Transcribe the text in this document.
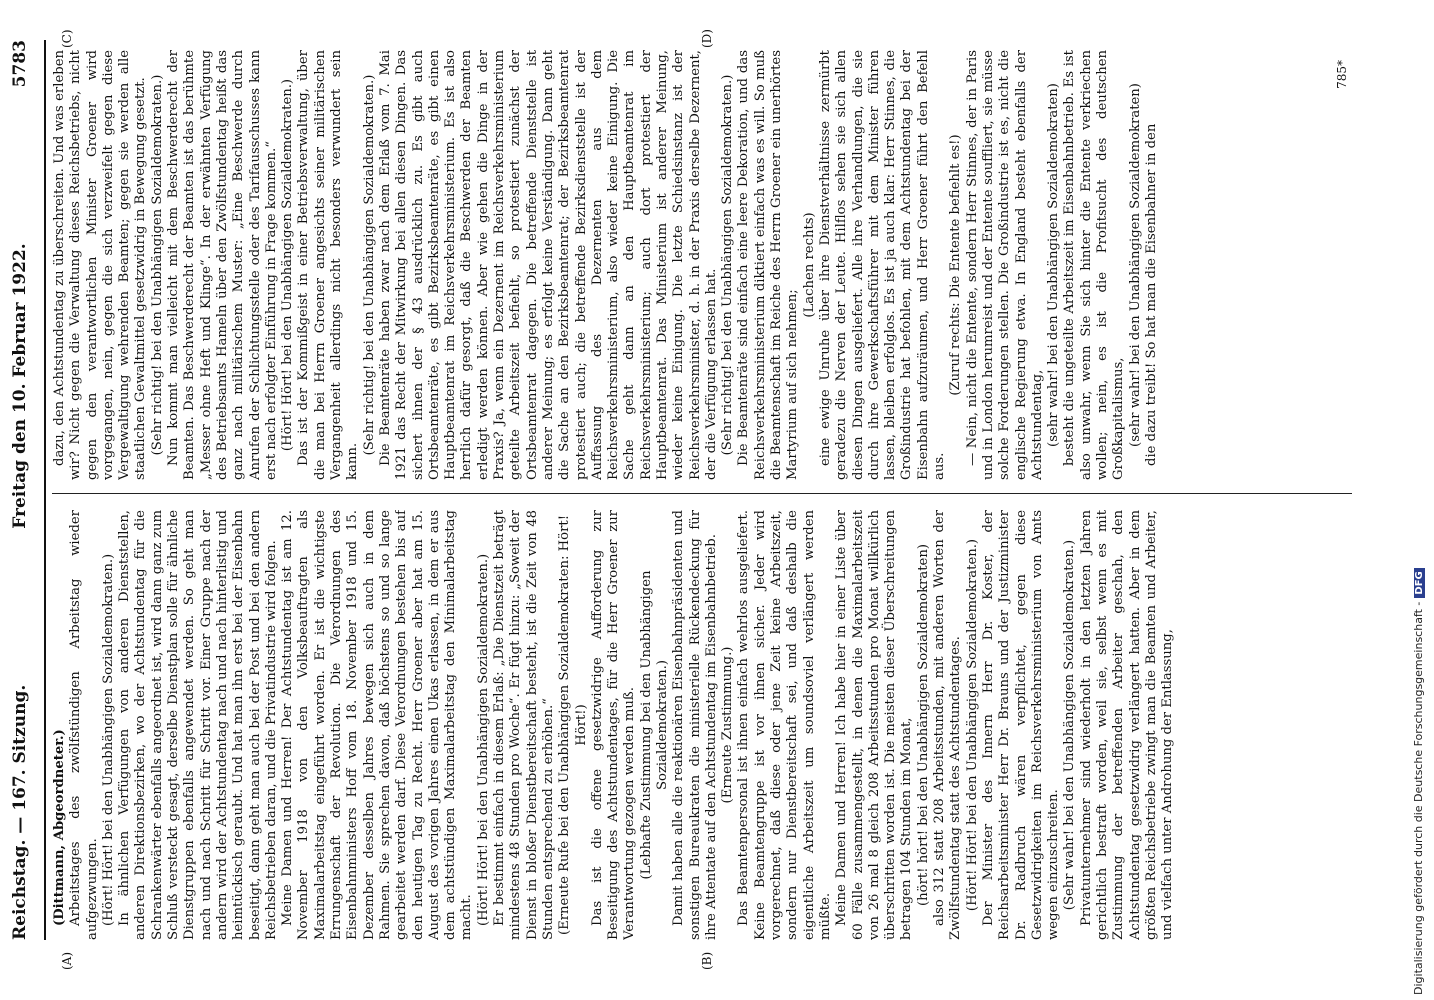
Reichstag. — 167. Sitzung.
Freitag den 10. Februar 1922.
5783
(A)	(B)
(C)	(D)

(Dittmann, Abgeordneter.) Arbeitstages des zwölfstündigen Arbeitstag wieder aufgezwungen. (Hört! Hört! bei den Unabhängigen Sozialdemokraten.) In ähnlichen Verfügungen von anderen Dienststellen, anderen Direktionsbezirken, wo der Achtstundentag für die Schrankenwärter ebenfalls angeordnet ist, wird dann ganz zum Schluß versteckt gesagt, derselbe Dienstplan solle für ähnliche Dienstgruppen ebenfalls angewendet werden. So geht man nach und nach Schritt für Schritt vor. Einer Gruppe nach der andern wird der Achtstundentag nach und nach hinterlistig und heimtückisch geraubt. Und hat man ihn erst bei der Eisenbahn beseitigt, dann geht man auch bei der Post und bei den andern Reichsbetrieben daran, und die Privatindustrie wird folgen. Meine Damen und Herren! Der Achtstundentag ist am 12. November 1918 von den Volksbeauftragten als Maximalarbeitstag eingeführt worden. Er ist die wichtigste Errungenschaft der Revolution. Die Verordnungen des Eisenbahnministers Hoff vom 18. November 1918 und 15. Dezember desselben Jahres bewegen sich auch in dem Rahmen. Sie sprechen davon, daß höchstens so und so lange gearbeitet werden darf. Diese Verordnungen bestehen bis auf den heutigen Tag zu Recht. Herr Groener aber hat am 15. August des vorigen Jahres einen Ukas erlassen, in dem er aus dem achtstündigen Maximalarbeitstag den Minimalarbeitstag macht. (Hört! Hört! bei den Unabhängigen Sozialdemokraten.) Er bestimmt einfach in diesem Erlaß: „Die Dienstzeit beträgt mindestens 48 Stunden pro Woche“. Er fügt hinzu: „Soweit der Dienst in bloßer Dienstbereitschaft besteht, ist die Zeit von 48 Stunden entsprechend zu erhöhen.“ (Erneute Rufe bei den Unabhängigen Sozialdemokraten: Hört! Hört!) Das ist die offene gesetzwidrige Aufforderung zur Beseitigung des Achtstundentages, für die Herr Groener zur Verantwortung gezogen werden muß. (Lebhafte Zustimmung bei den Unabhängigen Sozialdemokraten.) Damit haben alle die reaktionären Eisenbahnpräsidenten und sonstigen Bureaukraten die ministerielle Rückendeckung für ihre Attentate auf den Achtstundentag im Eisenbahnbetrieb. (Erneute Zustimmung.) Das Beamtenpersonal ist ihnen einfach wehrlos ausgeliefert. Keine Beamtengruppe ist vor ihnen sicher. Jeder wird vorgerechnet, daß diese oder jene Zeit keine Arbeitszeit, sondern nur Dienstbereitschaft sei, und daß deshalb die eigentliche Arbeitszeit um soundsoviel verlängert werden müßte. Meine Damen und Herren! Ich habe hier in einer Liste über 60 Fälle zusammengestellt, in denen die Maximalarbeitszeit von 26 mal 8 gleich 208 Arbeitsstunden pro Monat willkürlich überschritten worden ist. Die meisten dieser Überschreitungen betragen 104 Stunden im Monat, (hört! hört! bei den Unabhängigen Sozialdemokraten) also 312 statt 208 Arbeitsstunden, mit anderen Worten der Zwölfstundentag statt des Achtstundentages. (Hört! Hört! bei den Unabhängigen Sozialdemokraten.) Der Minister des Innern Herr Dr. Koster, der Reichsarbeitsminister Herr Dr. Brauns und der Justizminister Dr. Radbruch wären verpflichtet, gegen diese Gesetzwidrigkeiten im Reichsverkehrsministerium von Amts wegen einzuschreiten. (Sehr wahr! bei den Unabhängigen Sozialdemokraten.) Privatunternehmer sind wiederholt in den letzten Jahren gerichtlich bestraft worden, weil sie, selbst wenn es mit Zustimmung der betreffenden Arbeiter geschah, den Achtstundentag gesetzwidrig verlängert hatten. Aber in dem größten Reichsbetriebe zwingt man die Beamten und Arbeiter, und vielfach unter Androhung der Entlassung,

dazu, den Achtstundentag zu überschreiten. Und was erleben wir? Nicht gegen die Verwaltung dieses Reichsbetriebs, nicht gegen den verantwortlichen Minister Groener wird vorgegangen, nein, gegen die sich verzweifelt gegen diese Vergewaltigung wehrenden Beamten; gegen sie werden alle staatlichen Gewaltmittel gesetzwidrig in Bewegung gesetzt. (Sehr richtig! bei den Unabhängigen Sozialdemokraten.) Nun kommt man vielleicht mit dem Beschwerderecht der Beamten. Das Beschwerderecht der Beamten ist das berühmte „Messer ohne Heft und Klinge“. In der erwähnten Verfügung des Betriebsamts Hameln über den Zwölfstundentag heißt das ganz nach militärischem Muster: „Eine Beschwerde durch Anrufen der Schlichtungsstelle oder des Tarifausschusses kann erst nach erfolgter Einführung in Frage kommen.“ (Hört! Hört! bei den Unabhängigen Sozialdemokraten.) Das ist der Kommißgeist in einer Betriebsverwaltung, über die man bei Herrn Groener angesichts seiner militärischen Vergangenheit allerdings nicht besonders verwundert sein kann.

(Sehr richtig! bei den Unabhängigen Sozialdemokraten.) Die Beamtenräte haben zwar nach dem Erlaß vom 7. Mai 1921 das Recht der Mitwirkung bei allen diesen Dingen. Das sichert ihnen der § 43 ausdrücklich zu. Es gibt auch Ortsbeamtenräte, es gibt Bezirksbeamtenräte, es gibt einen Hauptbeamtenrat im Reichsverkehrsministerium. Es ist also herrlich dafür gesorgt, daß die Beschwerden der Beamten erledigt werden können. Aber wie gehen die Dinge in der Praxis? Ja, wenn ein Dezernent im Reichsverkehrsministerium geteilte Arbeitszeit befiehlt, so protestiert zunächst der Ortsbeamtenrat dagegen. Die betreffende Dienststelle ist anderer Meinung; es erfolgt keine Verständigung. Dann geht die Sache an den Bezirksbeamtenrat; der Bezirksbeamtenrat protestiert auch; die betreffende Bezirksdienststelle ist der Auffassung des Dezernenten aus dem Reichsverkehrsministerium, also wieder keine Einigung. Die Sache geht dann an den Hauptbeamtenrat im Reichsverkehrsministerium; auch dort protestiert der Hauptbeamtenrat. Das Ministerium ist anderer Meinung, wieder keine Einigung. Die letzte Schiedsinstanz ist der Reichsverkehrsminister, d. h. in der Praxis derselbe Dezernent, der die Verfügung erlassen hat. (Sehr richtig! bei den Unabhängigen Sozialdemokraten.) Die Beamtenräte sind einfach eine leere Dekoration, und das Reichsverkehrsministerium diktiert einfach was es will. So muß die Beamtenschaft im Reiche des Herrn Groener ein unerhörtes Martyrium auf sich nehmen;

(Lachen rechts) eine ewige Unruhe über ihre Dienstverhältnisse zermürbt geradezu die Nerven der Leute. Hilflos sehen sie sich allen diesen Dingen ausgeliefert. Alle ihre Verhandlungen, die sie durch ihre Gewerkschaftsführer mit dem Minister führen lassen, bleiben erfolglos. Es ist ja auch klar: Herr Stinnes, die Großindustrie hat befohlen, mit dem Achtstundentag bei der Eisenbahn aufzuräumen, und Herr Groener führt den Befehl aus.

(Zuruf rechts: Die Entente befiehlt es!) — Nein, nicht die Entente, sondern Herr Stinnes, der in Paris und in London herumreist und der Entente souffliert, sie müsse solche Forderungen stellen. Die Großindustrie ist es, nicht die englische Regierung etwa. In England besteht ebenfalls der Achtstundentag, (sehr wahr! bei den Unabhängigen Sozialdemokraten) besteht die ungeteilte Arbeitszeit im Eisenbahnbetrieb. Es ist also unwahr, wenn Sie sich hinter die Entente verkriechen wollen; nein, es ist die Profitsucht des deutschen Großkapitalismus, (sehr wahr! bei den Unabhängigen Sozialdemokraten) die dazu treibt! So hat man die Eisenbahner in den

785*
Digitalisierung gefördert durch die Deutsche Forschungsgemeinschaft -DFG
